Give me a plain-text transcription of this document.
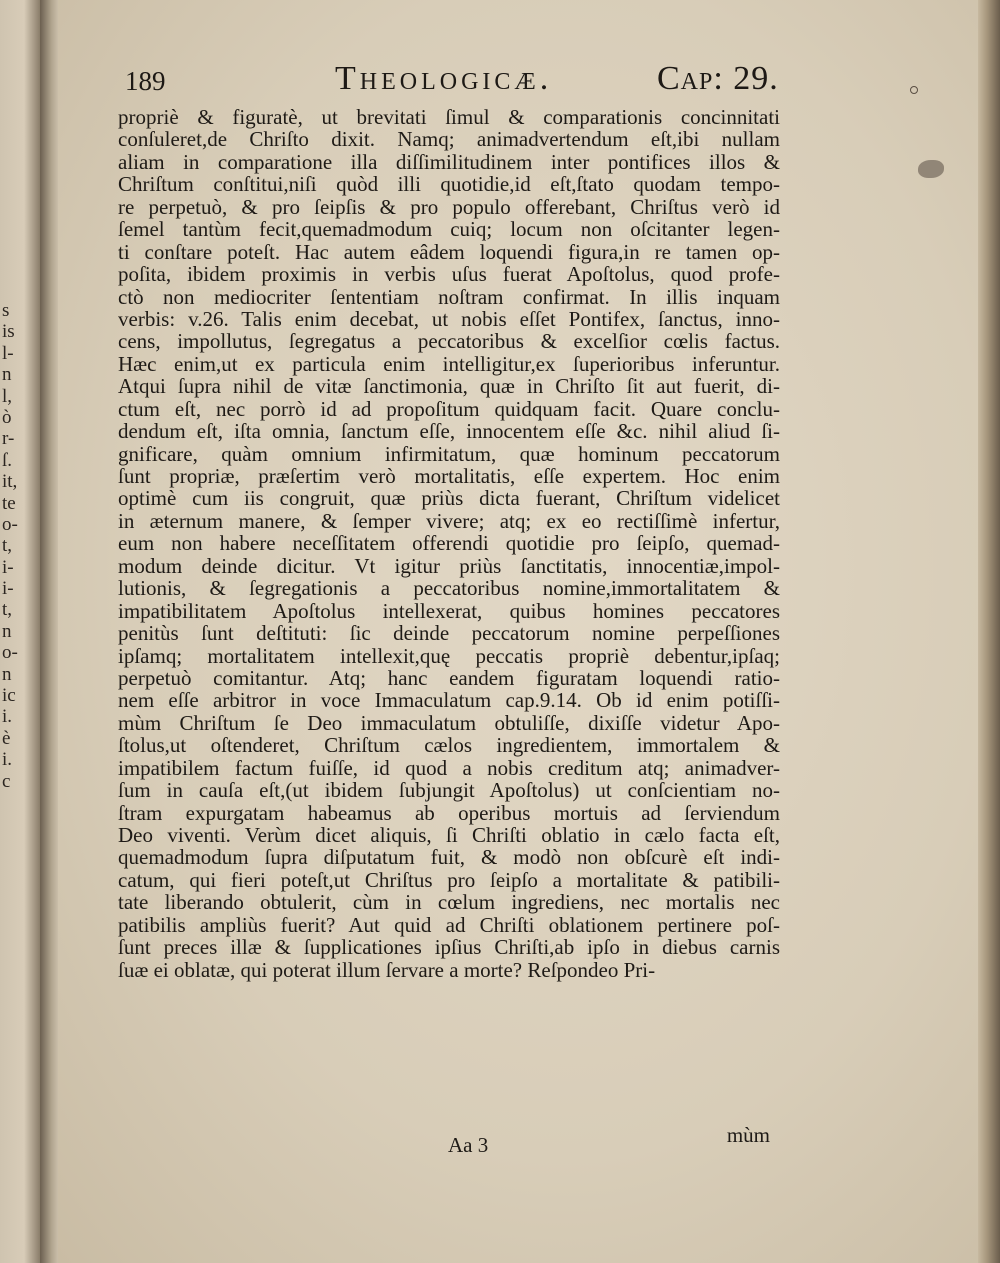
s
is
l-
n
l,
ò
r-
ſ.
it,
te
o-
t,
i-
i-
t,
n
o-
n
ic
i.
è
i.
c
189	Theologicæ.	Cap: 29.
propriè & figuratè, ut brevitati ſimul & comparationis concinnitati
conſuleret,de Chriſto dixit. Namq; animadvertendum eſt,ibi nullam
aliam in comparatione illa diſſimilitudinem inter pontifices illos &
Chriſtum conſtitui,niſi quòd illi quotidie,id eſt,ſtato quodam tempo-
re perpetuò, & pro ſeipſis & pro populo offerebant, Chriſtus verò id
ſemel tantùm fecit,quemadmodum cuiq; locum non oſcitanter legen-
ti conſtare poteſt. Hac autem eâdem loquendi figura,in re tamen op-
poſita, ibidem proximis in verbis uſus fuerat Apoſtolus, quod profe-
ctò non mediocriter ſententiam noſtram confirmat. In illis inquam
verbis: v.26. Talis enim decebat, ut nobis eſſet Pontifex, ſanctus, inno-
cens, impollutus, ſegregatus a peccatoribus & excelſior cœlis factus.
Hæc enim,ut ex particula enim intelligitur,ex ſuperioribus inferuntur.
Atqui ſupra nihil de vitæ ſanctimonia, quæ in Chriſto ſit aut fuerit, di-
ctum eſt, nec porrò id ad propoſitum quidquam facit. Quare conclu-
dendum eſt, iſta omnia, ſanctum eſſe, innocentem eſſe &c. nihil aliud ſi-
gnificare, quàm omnium infirmitatum, quæ hominum peccatorum
ſunt propriæ, præſertim verò mortalitatis, eſſe expertem. Hoc enim
optimè cum iis congruit, quæ priùs dicta fuerant, Chriſtum videlicet
in æternum manere, & ſemper vivere; atq; ex eo rectiſſimè infertur,
eum non habere neceſſitatem offerendi quotidie pro ſeipſo, quemad-
modum deinde dicitur. Vt igitur priùs ſanctitatis, innocentiæ,impol-
lutionis, & ſegregationis a peccatoribus nomine,immortalitatem &
impatibilitatem Apoſtolus intellexerat, quibus homines peccatores
penitùs ſunt deſtituti: ſic deinde peccatorum nomine perpeſſiones
ipſamq; mortalitatem intellexit,quę peccatis propriè debentur,ipſaq;
perpetuò comitantur. Atq; hanc eandem figuratam loquendi ratio-
nem eſſe arbitror in voce Immaculatum cap.9.14. Ob id enim potiſſi-
mùm Chriſtum ſe Deo immaculatum obtuliſſe, dixiſſe videtur Apo-
ſtolus,ut oſtenderet, Chriſtum cælos ingredientem, immortalem &
impatibilem factum fuiſſe, id quod a nobis creditum atq; animadver-
ſum in cauſa eſt,(ut ibidem ſubjungit Apoſtolus) ut conſcientiam no-
ſtram expurgatam habeamus ab operibus mortuis ad ſerviendum
Deo viventi. Verùm dicet aliquis, ſi Chriſti oblatio in cælo facta eſt,
quemadmodum ſupra diſputatum fuit, & modò non obſcurè eſt indi-
catum, qui fieri poteſt,ut Chriſtus pro ſeipſo a mortalitate & patibili-
tate liberando obtulerit, cùm in cœlum ingrediens, nec mortalis nec
patibilis ampliùs fuerit? Aut quid ad Chriſti oblationem pertinere poſ-
ſunt preces illæ & ſupplicationes ipſius Chriſti,ab ipſo in diebus carnis
ſuæ ei oblatæ, qui poterat illum ſervare a morte? Reſpondeo Pri-
Aa 3	mùm
